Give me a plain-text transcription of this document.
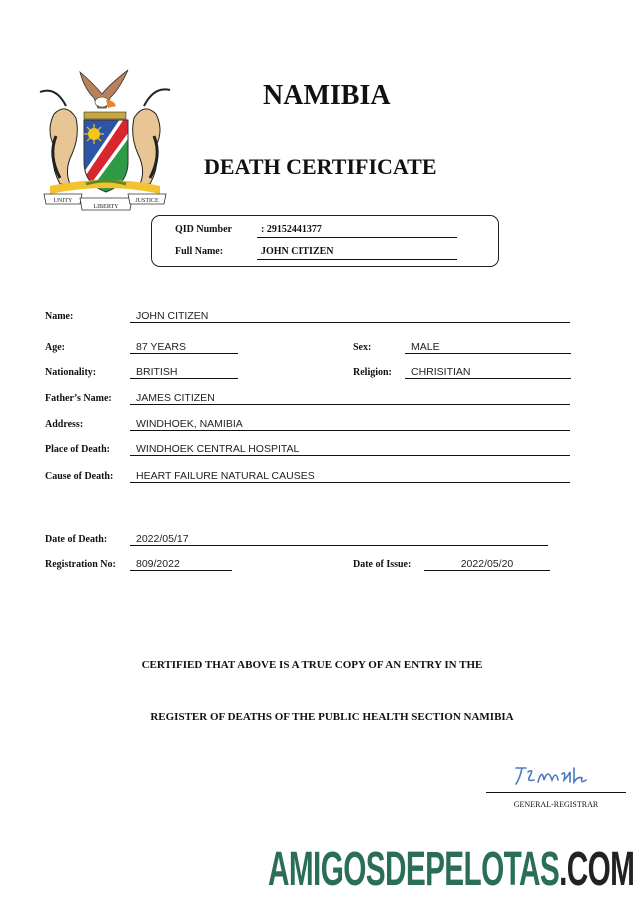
UNITY
LIBERTY
JUSTICE
NAMIBIA
DEATH CERTIFICATE
QID Number	: 29152441377
Full Name:	JOHN CITIZEN
Name:	JOHN CITIZEN
Age:	87 YEARS	Sex:	MALE
Nationality:	BRITISH	Religion:	CHRISITIAN
Father’s Name:	JAMES CITIZEN
Address:	WINDHOEK, NAMIBIA
Place of Death:	WINDHOEK CENTRAL HOSPITAL
Cause of Death:	HEART FAILURE NATURAL CAUSES
Date of Death:	2022/05/17
Registration No:	809/2022	Date of Issue:	2022/05/20
CERTIFIED THAT ABOVE IS A TRUE COPY OF AN ENTRY IN THE
REGISTER OF DEATHS OF THE PUBLIC HEALTH SECTION NAMIBIA
GENERAL-REGISTRAR
AMIGOSDEPELOTAS.COM
